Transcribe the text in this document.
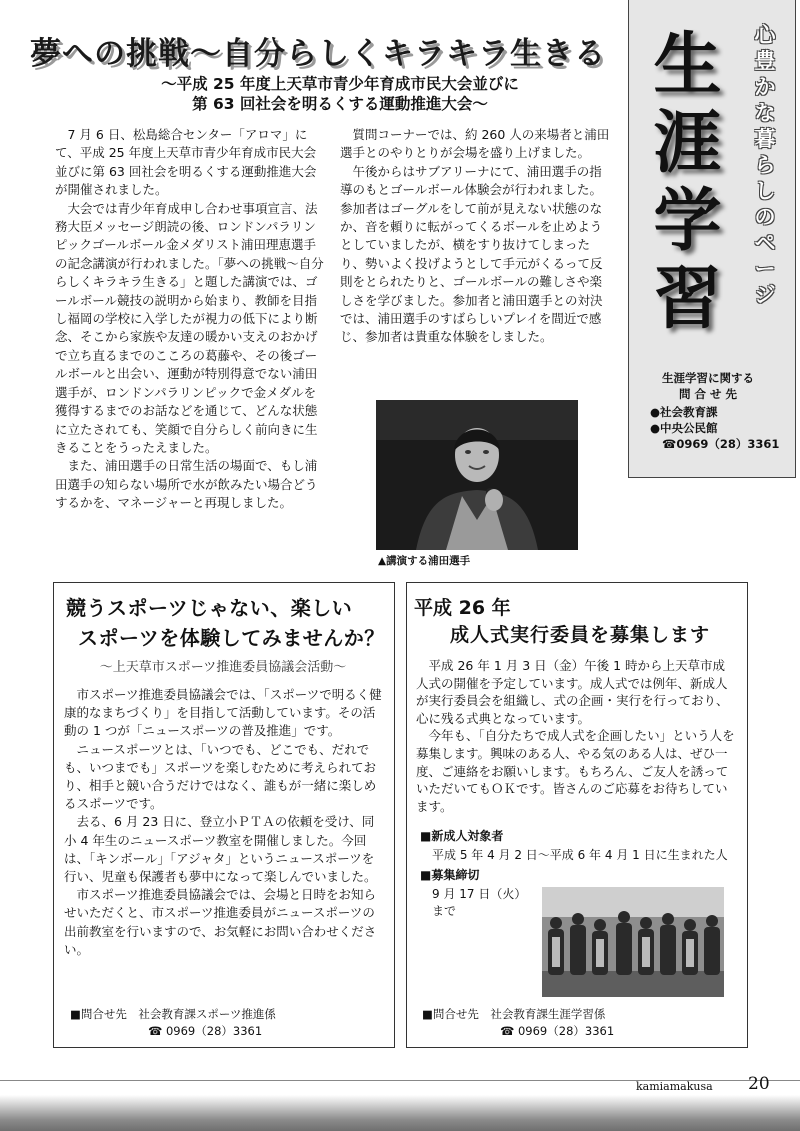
夢への挑戦～自分らしくキラキラ生きる
～平成 25 年度上天草市青少年育成市民大会並びに
第 63 回社会を明るくする運動推進大会～

7 月 6 日、松島総合センター「アロマ」にて、平成 25 年度上天草市青少年育成市民大会並びに第 63 回社会を明るくする運動推進大会が開催されました。

大会では青少年育成申し合わせ事項宣言、法務大臣メッセージ朗読の後、ロンドンパラリンピックゴールボール金メダリスト浦田理恵選手の記念講演が行われました。「夢への挑戦～自分らしくキラキラ生きる」と題した講演では、ゴールボール競技の説明から始まり、教師を目指し福岡の学校に入学したが視力の低下により断念、そこから家族や友達の暖かい支えのおかげで立ち直るまでのこころの葛藤や、その後ゴールボールと出会い、運動が特別得意でない浦田選手が、ロンドンパラリンピックで金メダルを獲得するまでのお話などを通じて、どんな状態に立たされても、笑顔で自分らしく前向きに生きることをうったえました。

また、浦田選手の日常生活の場面で、もし浦田選手の知らない場所で水が飲みたい場合どうするかを、マネージャーと再現しました。

質問コーナーでは、約 260 人の来場者と浦田選手とのやりとりが会場を盛り上げました。

午後からはサブアリーナにて、浦田選手の指導のもとゴールボール体験会が行われました。参加者はゴーグルをして前が見えない状態のなか、音を頼りに転がってくるボールを止めようとしていましたが、横をすり抜けてしまったり、勢いよく投げようとして手元がくるって反則をとられたりと、ゴールボールの難しさや楽しさを学びました。参加者と浦田選手との対決では、浦田選手のすばらしいプレイを間近で感じ、参加者は貴重な体験をしました。

▲講演する浦田選手
生
涯
学
習
心
豊
か
な
暮
ら
し
の
ペ
ー
ジ
生涯学習に関する
問 合 せ 先
●社会教育課
●中央公民館
☎0969（28）3361
競うスポーツじゃない、楽しい
スポーツを体験してみませんか？
～上天草市スポーツ推進委員協議会活動～

市スポーツ推進委員協議会では、「スポーツで明るく健康的なまちづくり」を目指して活動しています。その活動の 1 つが「ニュースポーツの普及推進」です。

ニュースポーツとは、「いつでも、どこでも、だれでも、いつまでも」スポーツを楽しむために考えられており、相手と競い合うだけではなく、誰もが一緒に楽しめるスポーツです。

去る、6 月 23 日に、登立小ＰＴＡの依頼を受け、同小 4 年生のニュースポーツ教室を開催しました。今回は、「キンボール」「アジャタ」というニュースポーツを行い、児童も保護者も夢中になって楽しんでいました。

市スポーツ推進委員協議会では、会場と日時をお知らせいただくと、市スポーツ推進委員がニュースポーツの出前教室を行いますので、お気軽にお問い合わせください。

■問合せ先　社会教育課スポーツ推進係
☎ 0969（28）3361
平成 26 年
成人式実行委員を募集します

平成 26 年 1 月 3 日（金）午後 1 時から上天草市成人式の開催を予定しています。成人式では例年、新成人が実行委員会を組織し、式の企画・実行を行っており、心に残る式典となっています。

今年も、「自分たちで成人式を企画したい」という人を募集します。興味のある人、やる気のある人は、ぜひ一度、ご連絡をお願いします。もちろん、ご友人を誘っていただいてもＯＫです。皆さんのご応募をお待ちしています。

■新成人対象者
平成 5 年 4 月 2 日～平成 6 年 4 月 1 日に生まれた人
■募集締切
9 月 17 日（火）
まで
■問合せ先　社会教育課生涯学習係
☎ 0969（28）3361
kamiamakusa 20
